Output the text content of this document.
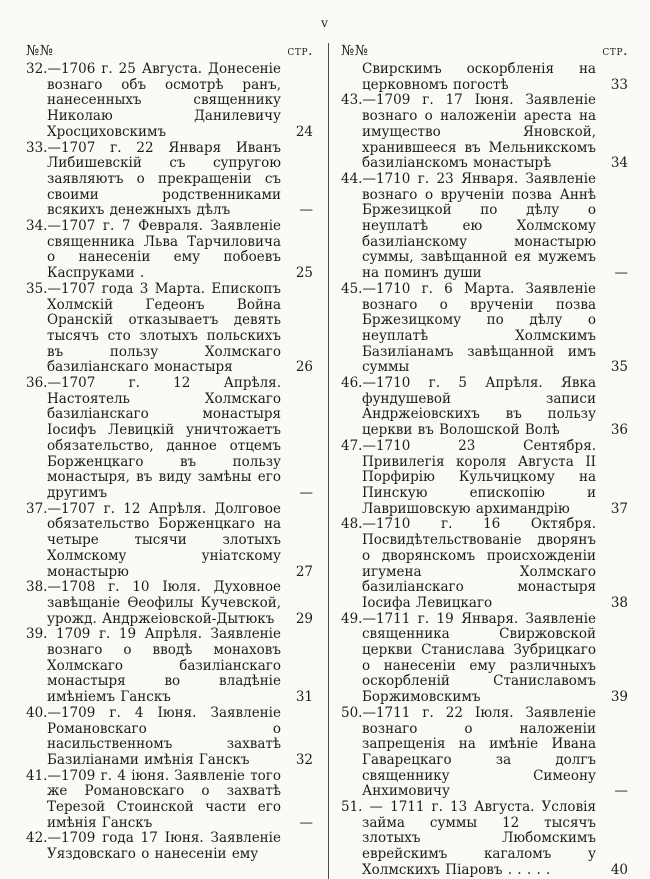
v
№№	стр.
32.—1706 г. 25 Августа. Донесеніе вознаго объ осмотрѣ ранъ, нанесенныхъ священнику Николаю Данилевичу Хросциховскимъ	24
33.—1707 г. 22 Января Иванъ Либишевскій съ супругою заявляютъ о прекращеніи съ своими родственниками всякихъ денежныхъ дѣлъ	—
34.—1707 г. 7 Февраля. Заявленіе священника Льва Тарчиловича о нанесеніи ему побоевъ Каспруками .	25
35.—1707 года 3 Марта. Епископъ Холмскій Гедеонъ Война Оранскій отказываетъ девять тысячъ сто злотыхъ польскихъ въ пользу Холмскаго базиліанскаго монастыря	26
36.—1707 г. 12 Апрѣля. Настоятель Холмскаго базиліанскаго монастыря Іосифъ Левицкій уничтожаетъ обязательство, данное отцемъ Борженцкаго въ пользу монастыря, въ виду замѣны его другимъ	—
37.—1707 г. 12 Апрѣля. Долговое обязательство Борженцкаго на четыре тысячи злотыхъ Холмскому уніатскому монастырю	27
38.—1708 г. 10 Іюля. Духовное завѣщаніе Ѳеофилы Кучевской, урожд. Андржеіовской-Дытюкъ	29
39. 1709 г. 19 Апрѣля. Заявленіе вознаго о вводѣ монаховъ Холмскаго базиліанскаго монастыря во владѣніе имѣніемъ Ганскъ	31
40.—1709 г. 4 Іюня. Заявленіе Романовскаго о насильственномъ захватѣ Базиліанами имѣнія Ганскъ	32
41.—1709 г. 4 іюня. Заявленіе того же Романовскаго о захватѣ Терезой Стоинской части его имѣнія Ганскъ	—
42.—1709 года 17 Іюня. Заявленіе Уяздовскаго о нанесеніи ему
№№	стр.
Свирскимъ оскорбленія на церковномъ погостѣ	33
43.—1709 г. 17 Іюня. Заявленіе вознаго о наложеніи ареста на имущество Яновской, хранившееся въ Мельникскомъ базиліанскомъ монастырѣ	34
44.—1710 г. 23 Января. Заявленіе вознаго о врученіи позва Аннѣ Бржезицкой по дѣлу о неуплатѣ ею Холмскому базиліанскому монастырю суммы, завѣщанной ея мужемъ на поминъ души	—
45.—1710 г. 6 Марта. Заявленіе вознаго о врученіи позва Бржезицкому по дѣлу о неуплатѣ Холмскимъ Базиліанамъ завѣщанной имъ суммы	35
46.—1710 г. 5 Апрѣля. Явка фундушевой записи Андржеіовскихъ въ пользу церкви въ Волошской Волѣ	36
47.—1710 23 Сентября. Привилегія короля Августа II Порфирію Кульчицкому на Пинскую епископію и Лавришовскую архимандрію	37
48.—1710 г. 16 Октября. Посвидѣтельствованіе дворянъ о дворянскомъ происхожденіи игумена Холмскаго базиліанскаго монастыря Іосифа Левицкаго	38
49.—1711 г. 19 Января. Заявленіе священника Свиржовской церкви Станислава Зубрицкаго о нанесеніи ему различныхъ оскорбленій Станиславомъ Боржимовскимъ	39
50.—1711 г. 22 Іюля. Заявленіе вознаго о наложеніи запрещенія на имѣніе Ивана Гаварецкаго за долгъ священнику Симеону Анхимовичу	—
51. — 1711 г. 13 Августа. Условія займа суммы 12 тысячъ злотыхъ Любомскимъ еврейскимъ кагаломъ у Холмскихъ Піаровъ . . . . .	40
